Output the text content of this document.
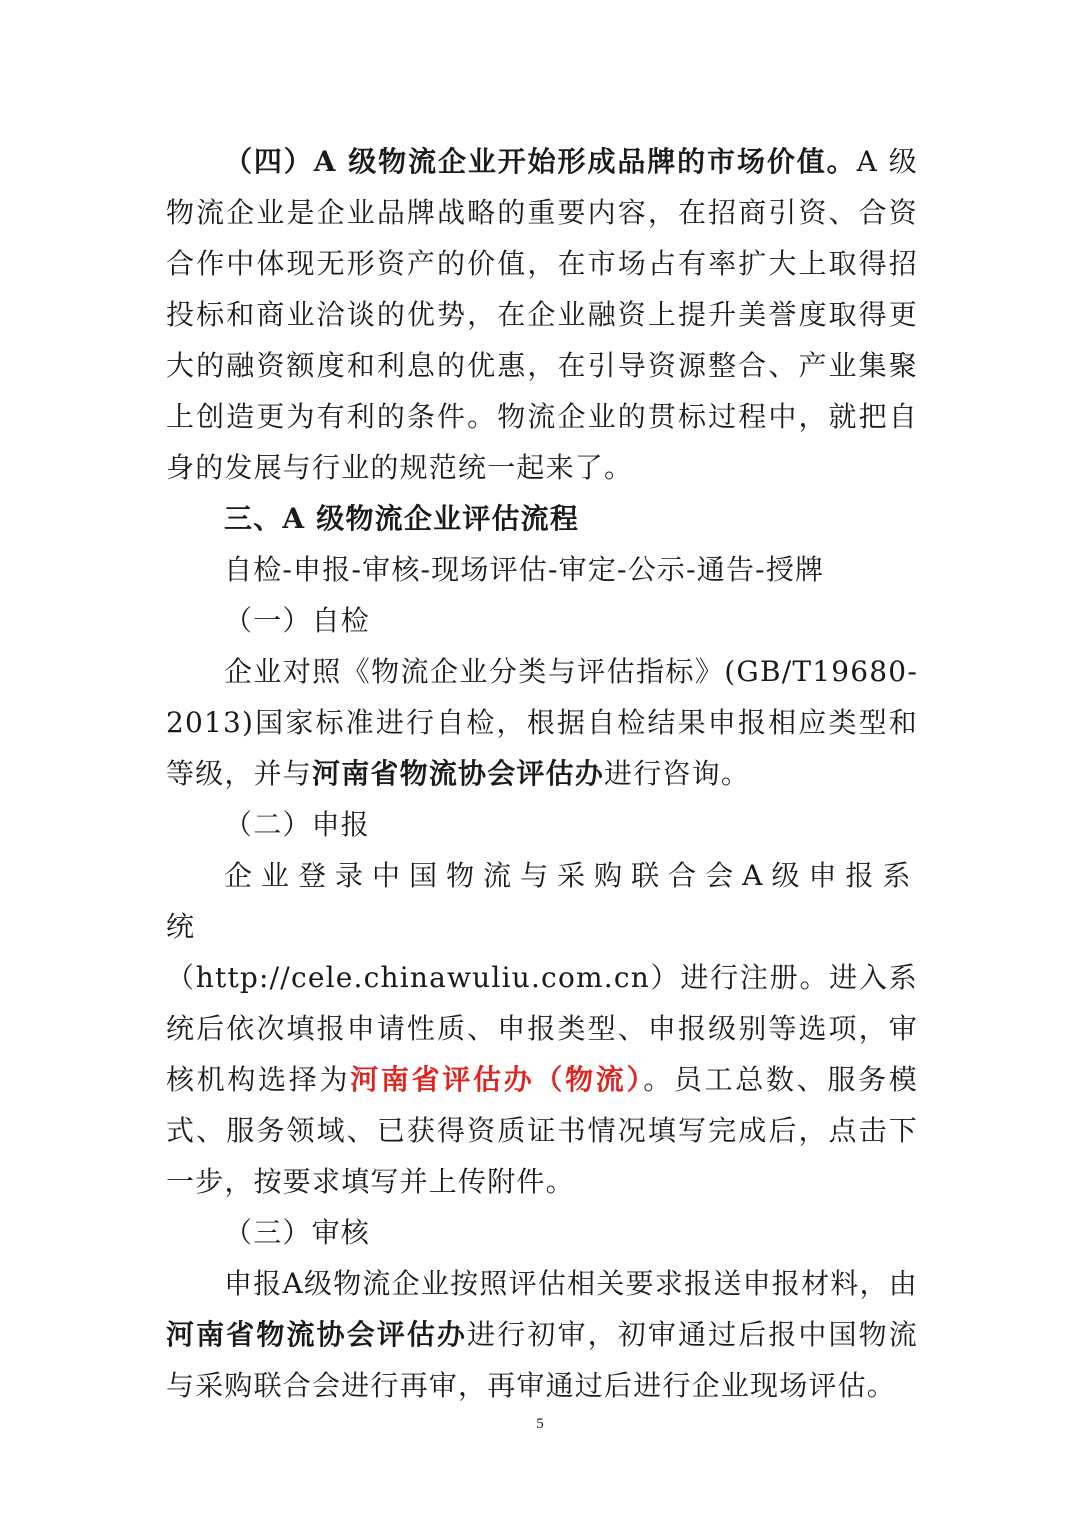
（四）A 级物流企业开始形成品牌的市场价值。A 级物流企业是企业品牌战略的重要内容，在招商引资、合资合作中体现无形资产的价值，在市场占有率扩大上取得招投标和商业洽谈的优势，在企业融资上提升美誉度取得更大的融资额度和利息的优惠，在引导资源整合、产业集聚上创造更为有利的条件。物流企业的贯标过程中，就把自身的发展与行业的规范统一起来了。

三、A 级物流企业评估流程

自检-申报-审核-现场评估-审定-公示-通告-授牌

（一）自检

企业对照《物流企业分类与评估指标》(GB/T19680-2013)国家标准进行自检，根据自检结果申报相应类型和等级，并与河南省物流协会评估办进行咨询。

（二）申报

企业登录中国物流与采购联合会A级申报系统

（http://cele.chinawuliu.com.cn）进行注册。进入系统后依次填报申请性质、申报类型、申报级别等选项，审核机构选择为河南省评估办（物流）。员工总数、服务模式、服务领域、已获得资质证书情况填写完成后，点击下一步，按要求填写并上传附件。

（三）审核

申报A级物流企业按照评估相关要求报送申报材料，由河南省物流协会评估办进行初审，初审通过后报中国物流与采购联合会进行再审，再审通过后进行企业现场评估。

5
